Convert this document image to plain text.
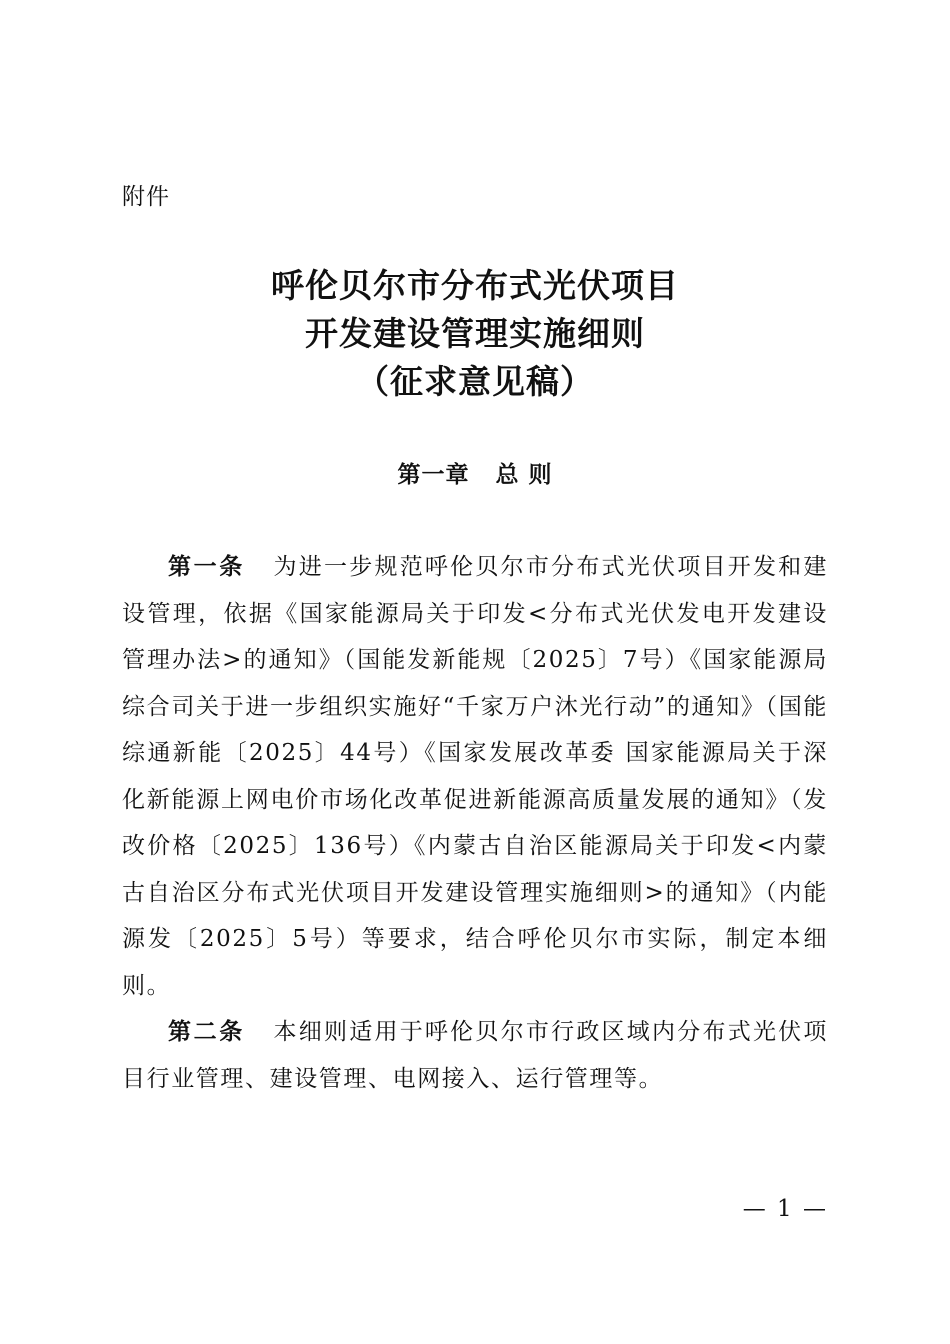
附件

呼伦贝尔市分布式光伏项目
开发建设管理实施细则
（征求意见稿）
第一章 总 则

第一条 为进一步规范呼伦贝尔市分布式光伏项目开发和建设管理，依据《国家能源局关于印发<分布式光伏发电开发建设管理办法>的通知》（国能发新能规〔2025〕7号）《国家能源局综合司关于进一步组织实施好“千家万户沐光行动”的通知》（国能综通新能〔2025〕44号）《国家发展改革委 国家能源局关于深化新能源上网电价市场化改革促进新能源高质量发展的通知》（发改价格〔2025〕136号）《内蒙古自治区能源局关于印发<内蒙古自治区分布式光伏项目开发建设管理实施细则>的通知》（内能源发〔2025〕5号）等要求，结合呼伦贝尔市实际，制定本细则。

第二条 本细则适用于呼伦贝尔市行政区域内分布式光伏项目行业管理、建设管理、电网接入、运行管理等。

— 1 —
